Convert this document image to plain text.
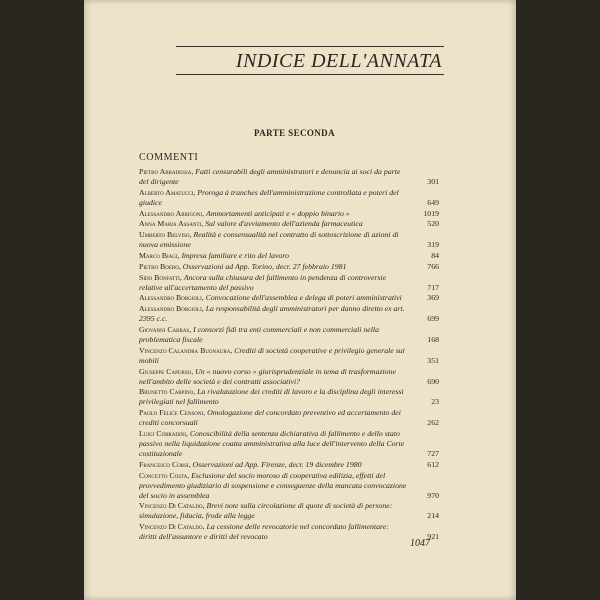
INDICE DELL'ANNATA
PARTE SECONDA
COMMENTI
Pietro Abbadessa, Fatti censurabili degli amministratori e denuncia ai soci da parte del dirigente	301
Alberto Amatucci, Proroga à tranches dell'amministrazione controllata e poteri del giudice	649
Alessandro Arrigoni, Ammortamenti anticipati e « doppio binario »	1019
Anna Maria Assanti, Sul valore d'avviamento dell'azienda farmaceutica	520
Umberto Belviso, Realità e consensualità nel contratto di sottoscrizione di azioni di nuova emissione	319
Marco Biagi, Impresa familiare e rito del lavoro	84
Pietro Boero, Osservazioni ad App. Torino, decr. 27 febbraio 1981	766
Sido Bonfatti, Ancora sulla chiusura del fallimento in pendenza di controversie relative all'accertamento del passivo	717
Alessandro Borgioli, Convocazione dell'assemblea e delega di poteri amministrativi	369
Alessandro Borgioli, La responsabilità degli amministratori per danno diretto ex art. 2395 c.c.	699
Giovanni Cabras, I consorzi fidi tra enti commerciali e non commerciali nella problematica fiscale	168
Vincenzo Calandra Buonaura, Crediti di società cooperative e privilegio generale sui mobili	351
Giuseppe Capurso, Un « nuovo corso » giurisprudenziale in tema di trasformazione nell'ambito delle società e dei contratti associativi?	690
Brunetto Carpino, La rivalutazione dei crediti di lavoro e la disciplina degli interessi privilegiati nel fallimento	23
Paolo Felice Censoni, Omologazione del concordato preventivo ed accertamento dei crediti concorsuali	262
Luigi Corradini, Conoscibilità della sentenza dichiarativa di fallimento e dello stato passivo nella liquidazione coatta amministrativa alla luce dell'intervento della Corte costituzionale	727
Francesco Corsi, Osservazioni ad App. Firenze, decr. 19 dicembre 1980	612
Concetto Costa, Esclusione del socio moroso di cooperativa edilizia, effetti del provvedimento giudiziario di sospensione e conseguenze della mancata convocazione del socio in assemblea	970
Vincenzo Di Cataldo, Brevi note sulla circolazione di quote di società di persone: simulazione, fiducia, frode alla legge	214
Vincenzo Di Cataldo, La cessione delle revocatorie nel concordato fallimentare: diritti dell'assuntore e diritti del revocato	921
1047
